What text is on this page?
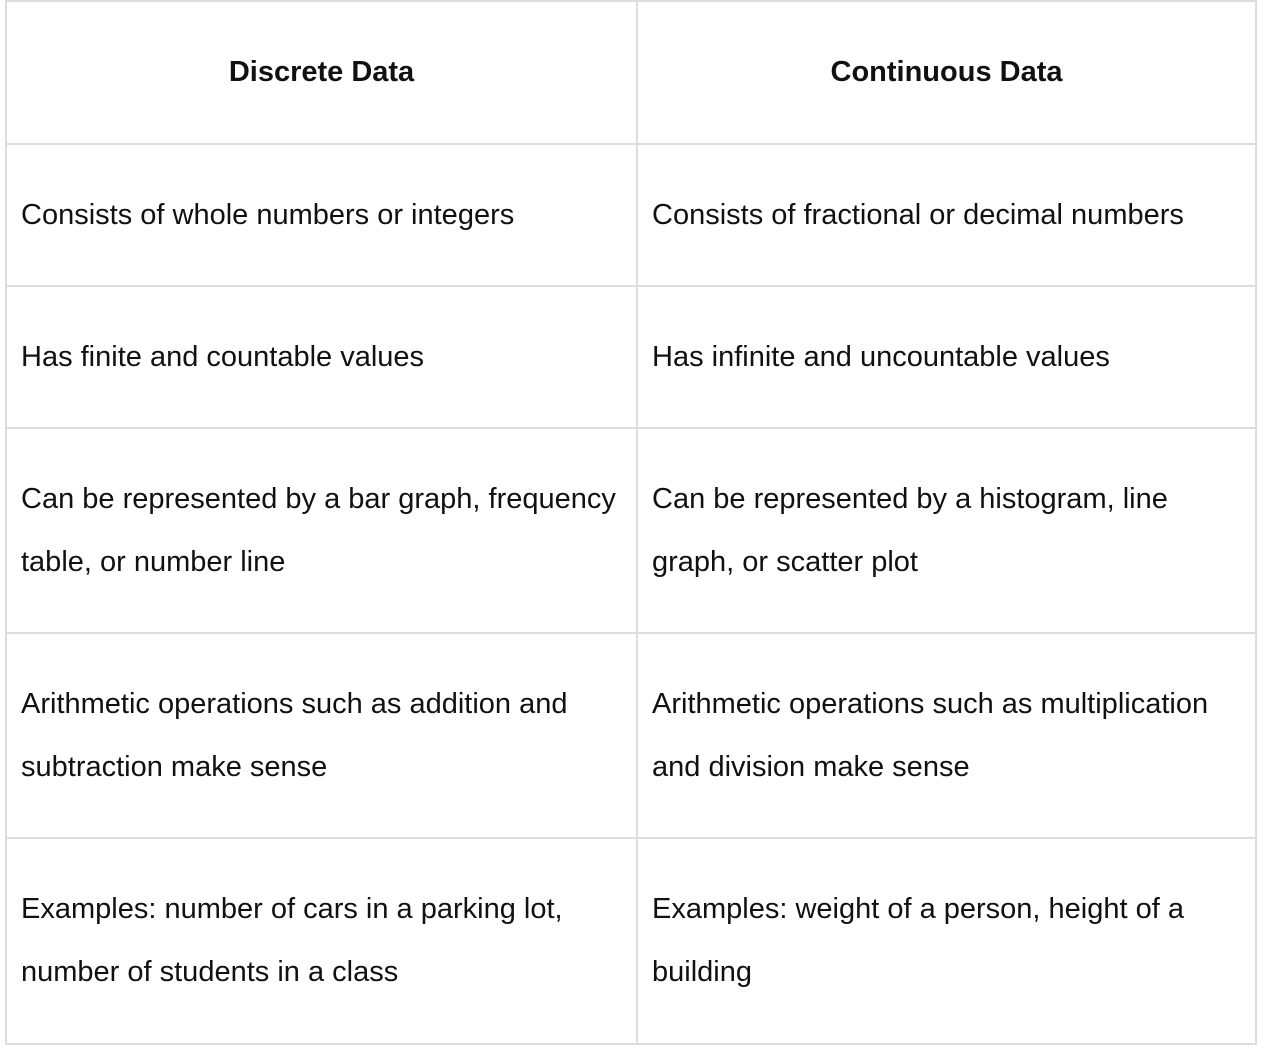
Discrete Data	Continuous Data
Consists of whole numbers or integers	Consists of fractional or decimal numbers
Has finite and countable values	Has infinite and uncountable values
Can be represented by a bar graph, frequency table, or number line	Can be represented by a histogram, line graph, or scatter plot
Arithmetic operations such as addition and subtraction make sense	Arithmetic operations such as multiplication and division make sense
Examples: number of cars in a parking lot, number of students in a class	Examples: weight of a person, height of a building
